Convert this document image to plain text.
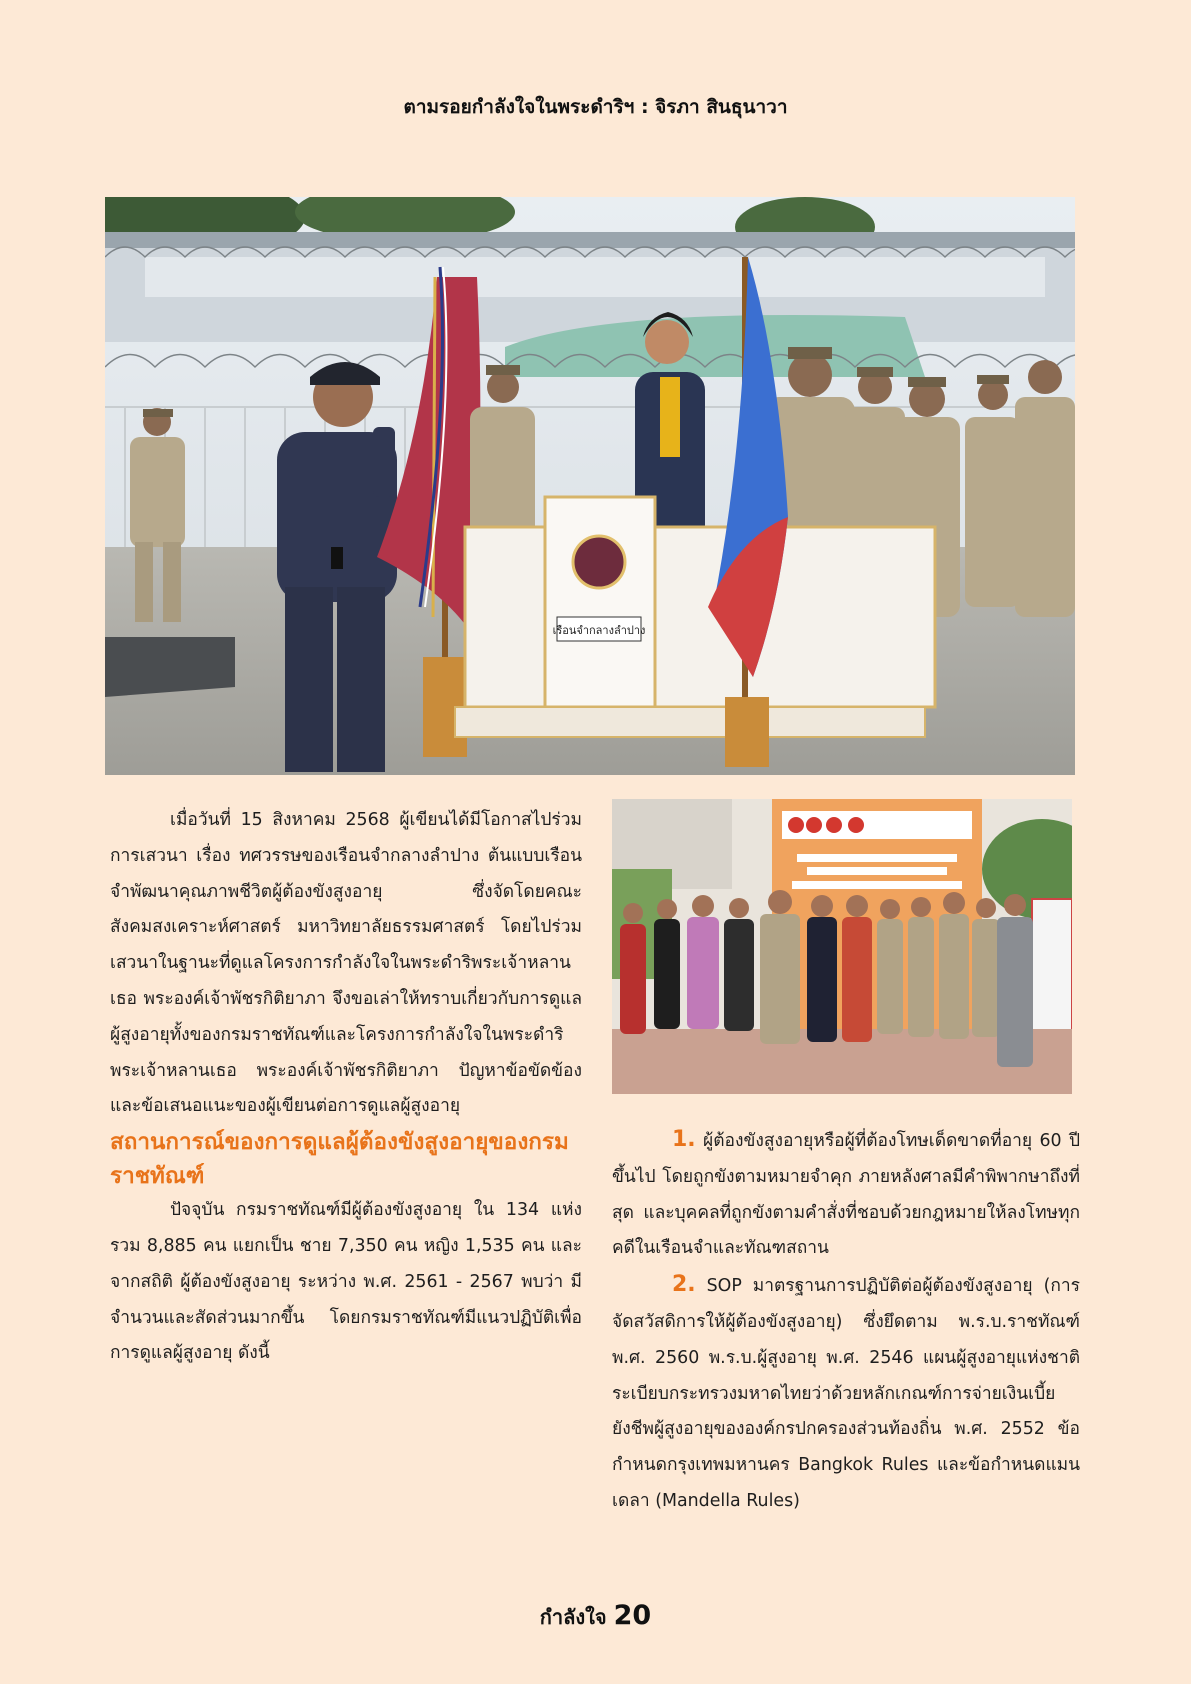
ตามรอยกำลังใจในพระดำริฯ : จิรภา สินธุนาวา
เรือนจำกลางลำปาง

เมื่อวันที่ 15 สิงหาคม 2568 ผู้เขียนได้มีโอกาสไปร่วมการเสวนา เรื่อง ทศวรรษของเรือนจำกลางลำปาง ต้นแบบเรือนจำพัฒนาคุณภาพชีวิตผู้ต้องขังสูงอายุ ซึ่งจัดโดยคณะสังคมสงเคราะห์ศาสตร์ มหาวิทยาลัยธรรมศาสตร์ โดยไปร่วมเสวนาในฐานะที่ดูแลโครงการกำลังใจในพระดำริพระเจ้าหลานเธอ พระองค์เจ้าพัชรกิติยาภา จึงขอเล่าให้ทราบเกี่ยวกับการดูแลผู้สูงอายุทั้งของกรมราชทัณฑ์และโครงการกำลังใจในพระดำริพระเจ้าหลานเธอ พระองค์เจ้าพัชรกิติยาภา ปัญหาข้อขัดข้องและข้อเสนอแนะของผู้เขียนต่อการดูแลผู้สูงอายุ

สถานการณ์ของการดูแลผู้ต้องขังสูงอายุของกรมราชทัณฑ์

ปัจจุบัน กรมราชทัณฑ์มีผู้ต้องขังสูงอายุ ใน 134 แห่ง รวม 8,885 คน แยกเป็น ชาย 7,350 คน หญิง 1,535 คน และจากสถิติ ผู้ต้องขังสูงอายุ ระหว่าง พ.ศ. 2561 - 2567 พบว่า มีจำนวนและสัดส่วนมากขึ้น โดยกรมราชทัณฑ์มีแนวปฏิบัติเพื่อการดูแลผู้สูงอายุ ดังนี้

1. ผู้ต้องขังสูงอายุหรือผู้ที่ต้องโทษเด็ดขาดที่อายุ 60 ปี ขึ้นไป โดยถูกขังตามหมายจำคุก ภายหลังศาลมีคำพิพากษาถึงที่สุด และบุคคลที่ถูกขังตามคำสั่งที่ชอบด้วยกฎหมายให้ลงโทษทุกคดีในเรือนจำและทัณฑสถาน

2. SOP มาตรฐานการปฏิบัติต่อผู้ต้องขังสูงอายุ (การจัดสวัสดิการให้ผู้ต้องขังสูงอายุ) ซึ่งยึดตาม พ.ร.บ.ราชทัณฑ์ พ.ศ. 2560 พ.ร.บ.ผู้สูงอายุ พ.ศ. 2546 แผนผู้สูงอายุแห่งชาติ ระเบียบกระทรวงมหาดไทยว่าด้วยหลักเกณฑ์การจ่ายเงินเบี้ยยังชีพผู้สูงอายุขององค์กรปกครองส่วนท้องถิ่น พ.ศ. 2552 ข้อกำหนดกรุงเทพมหานคร Bangkok Rules และข้อกำหนดแมนเดลา (Mandella Rules)

กำลังใจ 20
